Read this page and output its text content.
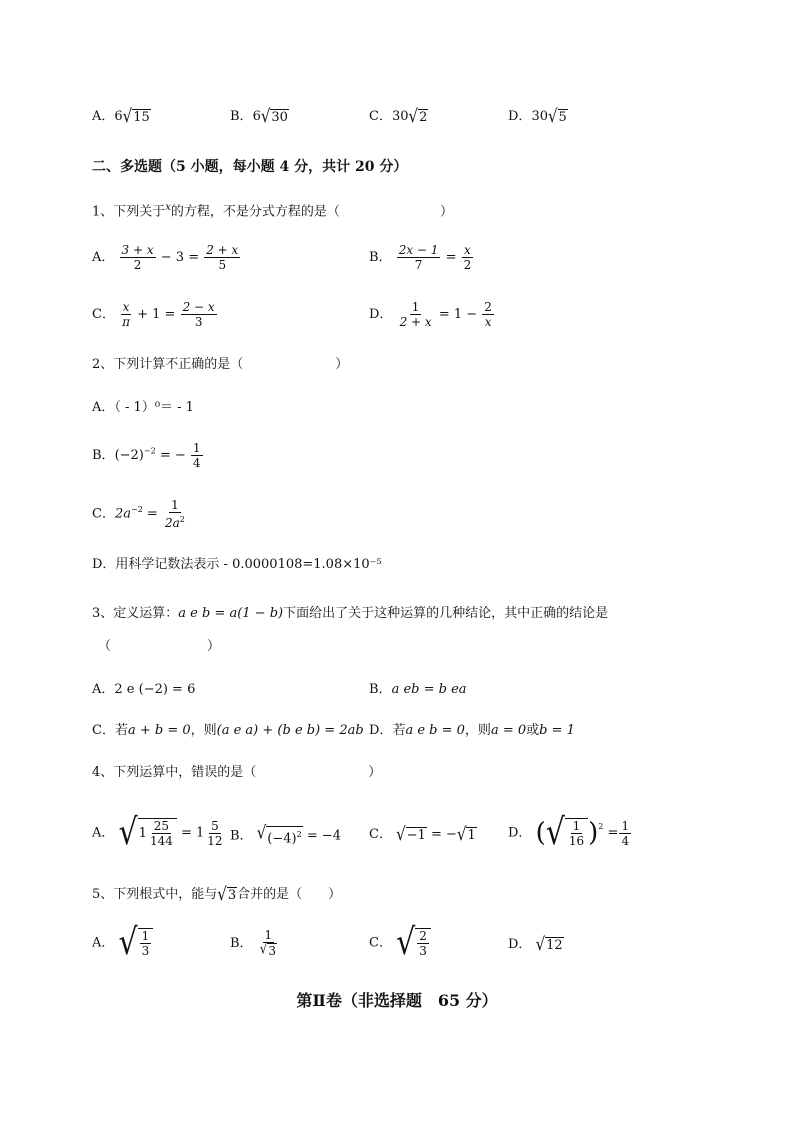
A．6 √ 15	B．6 √ 30	C．30 √ 2	D．30 √ 5
二、多选题（5 小题，每小题 4 分，共计 20 分）
1、下列关于$^x$的方程，不是分式方程的是（	）
A． $\frac{3 + x}{2} - 3 = \frac{2 + x}{5}$	B． $\frac{2x - 1}{7} = \frac{x}{2}$
C． $\frac{x}{\pi} + 1 = \frac{2 - x}{3}$	D． $\frac{1}{2 + x} = 1 - \frac{2}{x}$
2、下列计算不正确的是（	）
A．（ - 1）⁰＝ - 1
B．$(-2)^{-2}$ = − $\frac{1}{4}$
C．$2a^{-2} = \frac{1}{2a^2}$
D．用科学记数法表示 - 0.0000108=1.08×10⁻⁵
3、定义运算：a e b = a(1 − b)下面给出了关于这种运算的几种结论，其中正确的结论是
（	）
A．2 e (−2) = 6	B．a eb = b ea
C．若a + b = 0，则(a e a) + (b e b) = 2ab D．若a e b = 0，则a = 0或b = 1
4、下列运算中，错误的是（	）
A． √ $1 \frac{25}{144} = 1 \frac{5}{12}$ B． √ $(-4)^2 = -4$ C． √ −1 = − √ 1 D． ( √ $\frac{1}{16} )^2 = \frac{1}{4}$
5、下列根式中，能与 √ 3 合并的是（　　）
A． √ $\frac{1}{3}$	B． $\frac{1}{√ 3}$	C． √ $\frac{2}{3}$	D． √ 12
第Ⅱ卷（非选择题　65 分）
